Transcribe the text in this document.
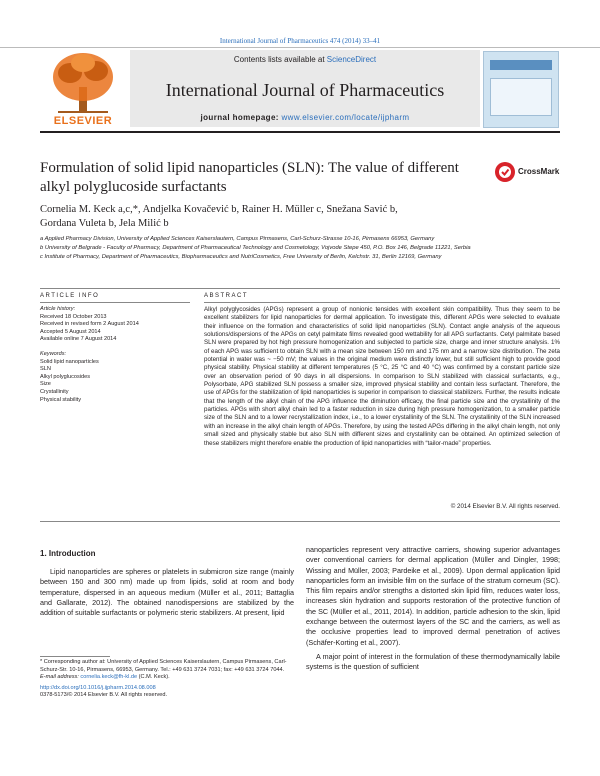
International Journal of Pharmaceutics 474 (2014) 33–41
ELSEVIER
Contents lists available at ScienceDirect
International Journal of Pharmaceutics
journal homepage: www.elsevier.com/locate/ijpharm
Formulation of solid lipid nanoparticles (SLN): The value of different alkyl polyglucoside surfactants
CrossMark
Cornelia M. Keck a,c,*, Andjelka Kovačević b, Rainer H. Müller c, Snežana Savić b,
Gordana Vuleta b, Jela Milić b
a Applied Pharmacy Division, University of Applied Sciences Kaiserslautern, Campus Pirmasens, Carl-Schurz-Strasse 10-16, Pirmasens 66953, Germany
b University of Belgrade - Faculty of Pharmacy, Department of Pharmaceutical Technology and Cosmetology, Vojvode Stepe 450, P.O. Box 146, Belgrade 11221, Serbia
c Institute of Pharmacy, Department of Pharmaceutics, Biopharmaceutics and NutriCosmetics, Free University of Berlin, Kelchstr. 31, Berlin 12169, Germany
ARTICLE INFO
Article history:
Received 18 October 2013
Received in revised form 2 August 2014
Accepted 5 August 2014
Available online 7 August 2014
Keywords:
Solid lipid nanoparticles
SLN
Alkyl polyglucosides
Size
Crystallinity
Physical stability
ABSTRACT
Alkyl polyglycosides (APGs) represent a group of nonionic tensides with excellent skin compatibility. Thus they seem to be excellent stabilizers for lipid nanoparticles for dermal application. To investigate this, different APGs were selected to evaluate their influence on the formation and characteristics of solid lipid nanoparticles (SLN). Contact angle analysis of the aqueous solutions/dispersions of the APGs on cetyl palmitate films revealed good wettability for all APG surfactants. Cetyl palmitate based SLN were prepared by hot high pressure homogenization and subjected to particle size, charge and inner structure analysis. 1% of each APG was sufficient to obtain SLN with a mean size between 150 nm and 175 nm and a narrow size distribution. The zeta potential in water was ~ −50 mV; the values in the original medium were distinctly lower, but still sufficient high to provide good physical stability. Physical stability at different temperatures (5 °C, 25 °C and 40 °C) was confirmed by a constant particle size over an observation period of 90 days in all dispersions. In comparison to SLN stabilized with classical surfactants, e.g., Polysorbate, APG stabilized SLN possess a smaller size, improved physical stability and contain less surfactant. Therefore, the use of APGs for the stabilization of lipid nanoparticles is superior in comparison to classical stabilizers. Further, the results indicate that the length of the alkyl chain of the APG influence the diminution efficacy, the final particle size and the crystallinity of the particles. APGs with short alkyl chain led to a faster reduction in size during high pressure homogenization, to a smaller particle size of the SLN and to a lower recrystallization index, i.e., to a lower crystallinity of the SLN. The crystallinity of the SLN increased with an increase in the alkyl chain length of APGs. Therefore, by using the tested APGs differing in the alkyl chain length, not only small sized and physically stable but also SLN with different sizes and crystallinity can be obtained. An optimized selection of these stabilizers might therefore enable the production of lipid nanoparticles with “tailor-made” properties.
© 2014 Elsevier B.V. All rights reserved.
1. Introduction
Lipid nanoparticles are spheres or platelets in submicron size range (mainly between 150 and 300 nm) made up from lipids, solid at room and body temperature, dispersed in an aqueous medium (Müller et al., 2011; Battaglia and Gallarate, 2012). The obtained nanodispersions are stabilized by the addition of suitable surfactants or polymeric steric stabilizers. At present, lipid
nanoparticles represent very attractive carriers, showing superior advantages over conventional carriers for dermal application (Müller and Dingler, 1998; Wissing and Müller, 2003; Pardeike et al., 2009). Upon dermal application lipid nanoparticles form an invisible film on the surface of the stratum corneum (SC). This film repairs and/or strengths a distorted skin lipid film, reduces water loss, increases skin hydration and supports restoration of the protective function of the SC (Müller et al., 2011, 2014). In addition, particle adhesion to the skin, lipid exchange between the outermost layers of the SC and the carriers, as well as the occlusive properties lead to improved dermal penetration of actives (Schäfer-Korting et al., 2007).
A major point of interest in the formulation of these thermodynamically labile systems is the question of sufficient
* Corresponding author at: University of Applied Sciences Kaiserslautern, Campus Pirmasens, Carl-Schurz-Str. 10-16, Pirmasens, 66953, Germany. Tel.: +49 631 3724 7031; fax: +49 631 3724 7044.
E-mail address: cornelia.keck@fh-kl.de (C.M. Keck).
http://dx.doi.org/10.1016/j.ijpharm.2014.08.008
0378-5173/© 2014 Elsevier B.V. All rights reserved.
